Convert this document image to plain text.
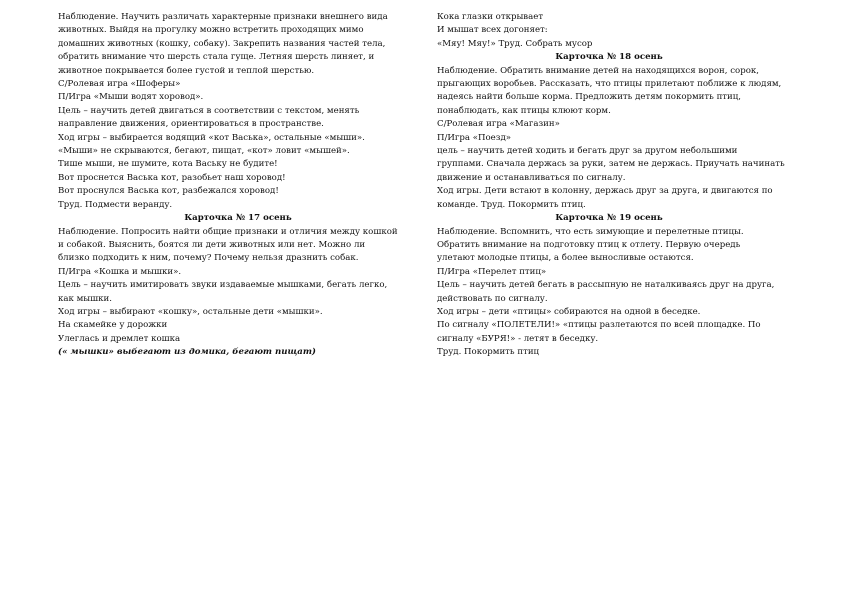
Наблюдение. Научить различать характерные признаки внешнего вида
животных. Выйдя на прогулку можно встретить проходящих мимо
домашних животных (кошку, собаку). Закрепить названия частей тела,
обратить внимание что шерсть стала гуще. Летняя шерсть линяет, и
животное покрывается более густой и теплой шерстью.
С/Ролевая игра «Шоферы»
П/Игра «Мыши водят хоровод».
Цель – научить детей двигаться в соответствии с текстом, менять
направление движения, ориентироваться в пространстве.
Ход игры – выбирается водящий «кот Васька», остальные «мыши».
«Мыши» не скрываются, бегают, пищат, «кот» ловит «мышей».
Тише мыши, не шумите, кота Ваську не будите!
Вот проснется Васька кот, разобьет наш хоровод!
Вот проснулся Васька кот, разбежался хоровод!
Труд. Подмести веранду.
Карточка № 17 осень
Наблюдение. Попросить найти общие признаки и отличия между кошкой
и собакой. Выяснить, боятся ли дети животных или нет. Можно ли
близко подходить к ним, почему? Почему нельзя дразнить собак.
П/Игра «Кошка и мышки».
Цель – научить имитировать звуки издаваемые мышками, бегать легко,
как мышки.
Ход игры – выбирают «кошку», остальные дети «мышки».
На скамейке у дорожки
Улеглась и дремлет кошка
(« мышки» выбегают из домика, бегают пищат)
Кока глазки открывает
И мышат всех догоняет:
«Мяу! Мяу!» Труд. Собрать мусор
Карточка № 18 осень
Наблюдение. Обратить внимание детей на находящихся ворон, сорок,
прыгающих воробьев. Рассказать, что птицы прилетают поближе к людям,
надеясь найти больше корма. Предложить детям покормить птиц,
понаблюдать, как птицы клюют корм.
С/Ролевая игра «Магазин»
П/Игра «Поезд»
цель – научить детей ходить и бегать друг за другом небольшими
группами. Сначала держась за руки, затем не держась. Приучать начинать
движение и останавливаться по сигналу.
Ход игры. Дети встают в колонну, держась друг за друга, и двигаются по
команде. Труд. Покормить птиц.
Карточка № 19 осень
Наблюдение. Вспомнить, что есть зимующие и перелетные птицы.
Обратить внимание на подготовку птиц к отлету. Первую очередь
улетают молодые птицы, а более выносливые остаются.
П/Игра «Перелет птиц»
Цель – научить детей бегать в рассыпную не наталкиваясь друг на друга,
действовать по сигналу.
Ход игры – дети «птицы» собираются на одной в беседке.
По сигналу «ПОЛЕТЕЛИ!» «птицы разлетаются по всей площадке. По
сигналу «БУРЯ!» - летят в беседку.
Труд. Покормить птиц
